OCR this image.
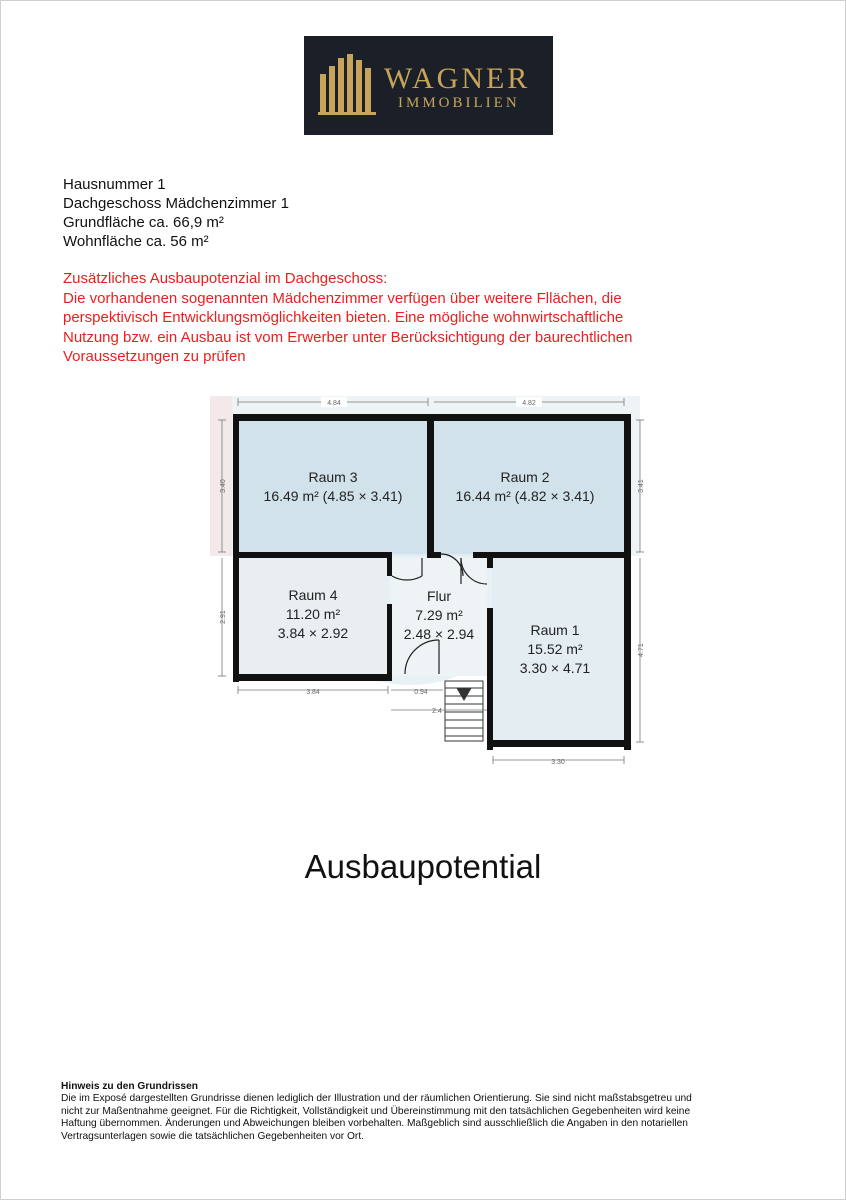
WAGNER
IMMOBILIEN
Hausnummer 1
Dachgeschoss Mädchenzimmer 1
Grundfläche ca. 66,9 m²
Wohnfläche ca. 56 m²
Zusätzliches Ausbaupotenzial im Dachgeschoss:
Die vorhandenen sogenannten Mädchenzimmer verfügen über weitere Fllächen, die
perspektivisch Entwicklungsmöglichkeiten bieten. Eine mögliche wohnwirtschaftliche
Nutzung bzw. ein Ausbau ist vom Erwerber unter Berücksichtigung der baurechtlichen
Voraussetzungen zu prüfen
4.84	4.82
3.40
2.91
3.41
4.71
3.84	0.94
2.4
3.30
Raum 3
16.49 m² (4.85 × 3.41)
Raum 2
16.44 m² (4.82 × 3.41)
Raum 4
11.20 m²
3.84 × 2.92
Flur
7.29 m²
2.48 × 2.94	Raum 1
15.52 m²
3.30 × 4.71
Ausbaupotential
Hinweis zu den Grundrissen
Die im Exposé dargestellten Grundrisse dienen lediglich der Illustration und der räumlichen Orientierung. Sie sind nicht maßstabsgetreu und
nicht zur Maßentnahme geeignet. Für die Richtigkeit, Vollständigkeit und Übereinstimmung mit den tatsächlichen Gegebenheiten wird keine
Haftung übernommen. Änderungen und Abweichungen bleiben vorbehalten. Maßgeblich sind ausschließlich die Angaben in den notariellen
Vertragsunterlagen sowie die tatsächlichen Gegebenheiten vor Ort.
